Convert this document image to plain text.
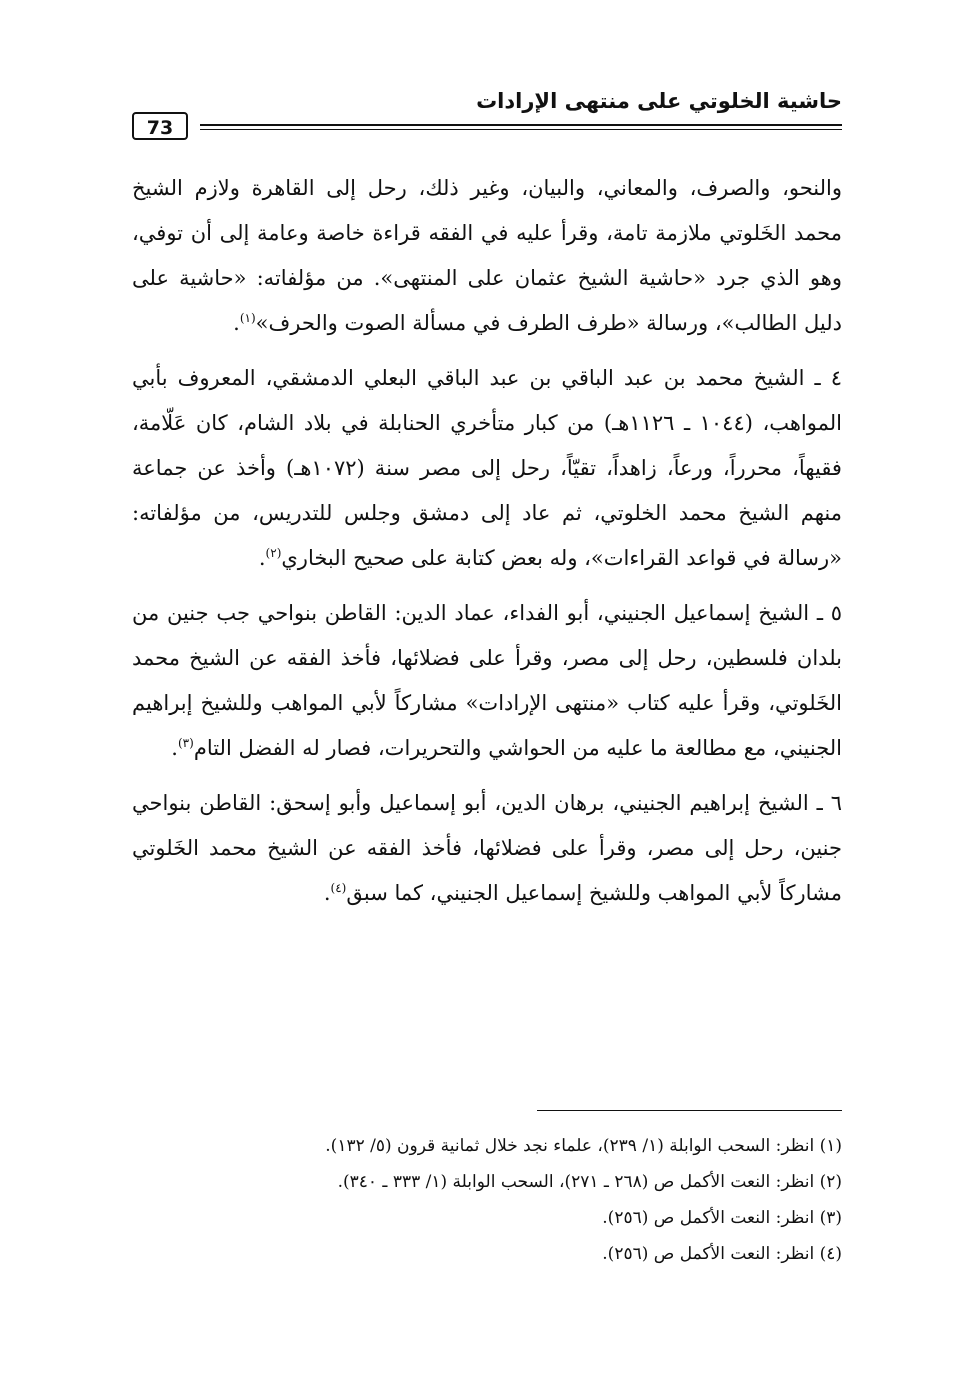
حاشية الخلوتي على منتهى الإرادات
73

والنحو، والصرف، والمعاني، والبيان، وغير ذلك، رحل إلى القاهرة ولازم الشيخ محمد الخَلوتي ملازمة تامة، وقرأ عليه في الفقه قراءة خاصة وعامة إلى أن توفي، وهو الذي جرد «حاشية الشيخ عثمان على المنتهى». من مؤلفاته: «حاشية على دليل الطالب»، ورسالة «طرف الطرف في مسألة الصوت والحرف»$^{(١)}$.

٤ ـ الشيخ محمد بن عبد الباقي بن عبد الباقي البعلي الدمشقي، المعروف بأبي المواهب، (١٠٤٤ ـ ١١٢٦هـ) من كبار متأخري الحنابلة في بلاد الشام، كان عَلّامة، فقيهاً، محرراً، ورعاً، زاهداً، تقيّاً، رحل إلى مصر سنة (١٠٧٢هـ) وأخذ عن جماعة منهم الشيخ محمد الخلوتي، ثم عاد إلى دمشق وجلس للتدريس، من مؤلفاته: «رسالة في قواعد القراءات»، وله بعض كتابة على صحيح البخاري$^{(٢)}$.

٥ ـ الشيخ إسماعيل الجنيني، أبو الفداء، عماد الدين: القاطن بنواحي جب جنين من بلدان فلسطين، رحل إلى مصر، وقرأ على فضلائها، فأخذ الفقه عن الشيخ محمد الخَلوتي، وقرأ عليه كتاب «منتهى الإرادات» مشاركاً لأبي المواهب وللشيخ إبراهيم الجنيني، مع مطالعة ما عليه من الحواشي والتحريرات، فصار له الفضل التام$^{(٣)}$.

٦ ـ الشيخ إبراهيم الجنيني، برهان الدين، أبو إسماعيل وأبو إسحق: القاطن بنواحي جنين، رحل إلى مصر، وقرأ على فضلائها، فأخذ الفقه عن الشيخ محمد الخَلوتي مشاركاً لأبي المواهب وللشيخ إسماعيل الجنيني، كما سبق$^{(٤)}$.

(١) انظر: السحب الوابلة (١/ ٢٣٩)، علماء نجد خلال ثمانية قرون (٥/ ١٣٢).
(٢) انظر: النعت الأكمل ص (٢٦٨ ـ ٢٧١)، السحب الوابلة (١/ ٣٣٣ ـ ٣٤٠).
(٣) انظر: النعت الأكمل ص (٢٥٦).
(٤) انظر: النعت الأكمل ص (٢٥٦).
